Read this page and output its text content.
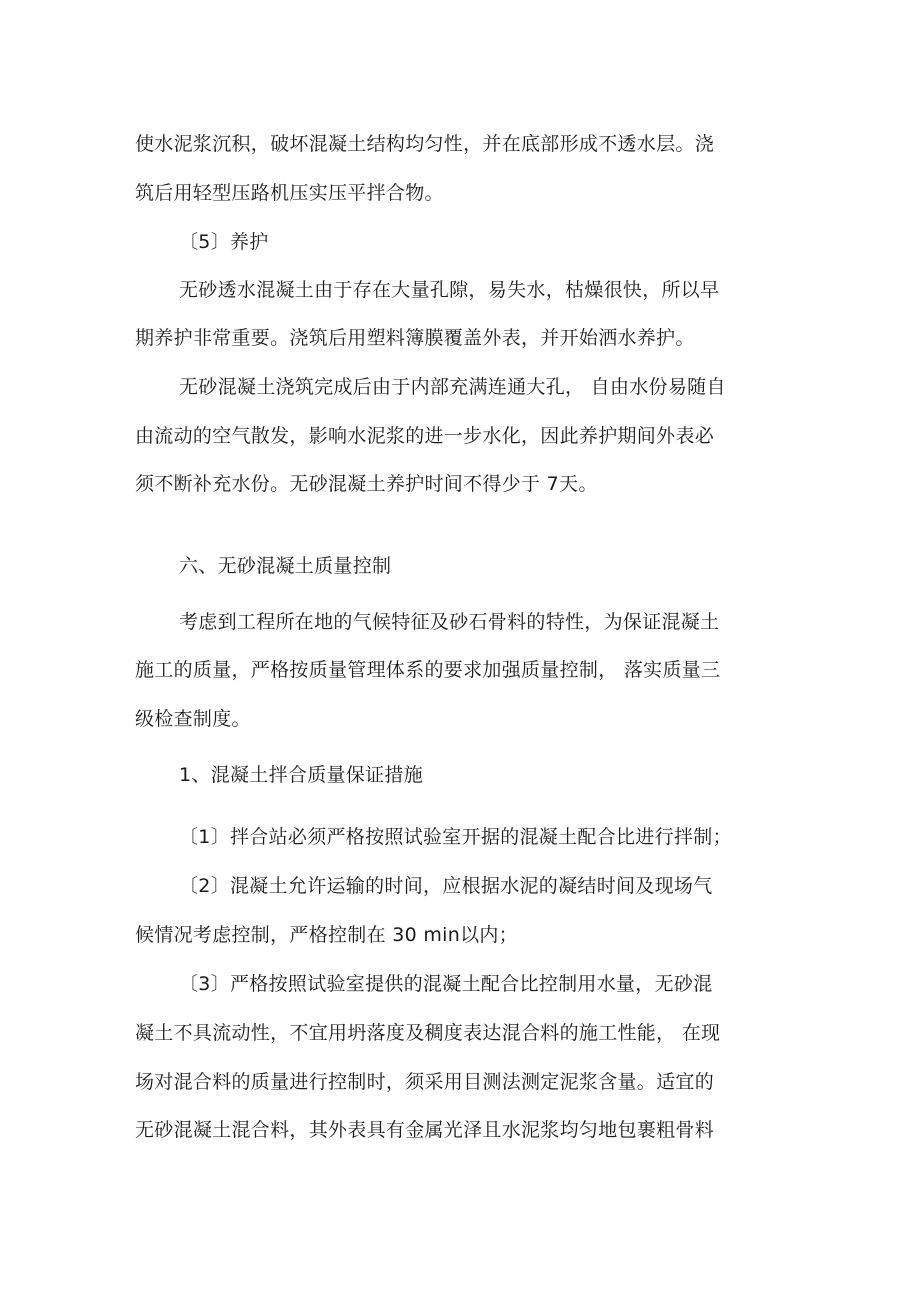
使水泥浆沉积，破坏混凝土结构均匀性，并在底部形成不透水层。浇
筑后用轻型压路机压实压平拌合物。
〔5〕养护
无砂透水混凝土由于存在大量孔隙，易失水，枯燥很快，所以早
期养护非常重要。浇筑后用塑料簿膜覆盖外表，并开始洒水养护。
无砂混凝土浇筑完成后由于内部充满连通大孔， 自由水份易随自
由流动的空气散发，影响水泥浆的进一步水化，因此养护期间外表必
须不断补充水份。无砂混凝土养护时间不得少于 7天。
六、无砂混凝土质量控制
考虑到工程所在地的气候特征及砂石骨料的特性，为保证混凝土
施工的质量，严格按质量管理体系的要求加强质量控制， 落实质量三
级检查制度。
1、混凝土拌合质量保证措施
〔1〕拌合站必须严格按照试验室开据的混凝土配合比进行拌制；
〔2〕混凝土允许运输的时间，应根据水泥的凝结时间及现场气
候情况考虑控制，严格控制在 30 min以内；
〔3〕严格按照试验室提供的混凝土配合比控制用水量，无砂混
凝土不具流动性，不宜用坍落度及稠度表达混合料的施工性能， 在现
场对混合料的质量进行控制时，须采用目测法测定泥浆含量。适宜的
无砂混凝土混合料，其外表具有金属光泽且水泥浆均匀地包裹粗骨料
